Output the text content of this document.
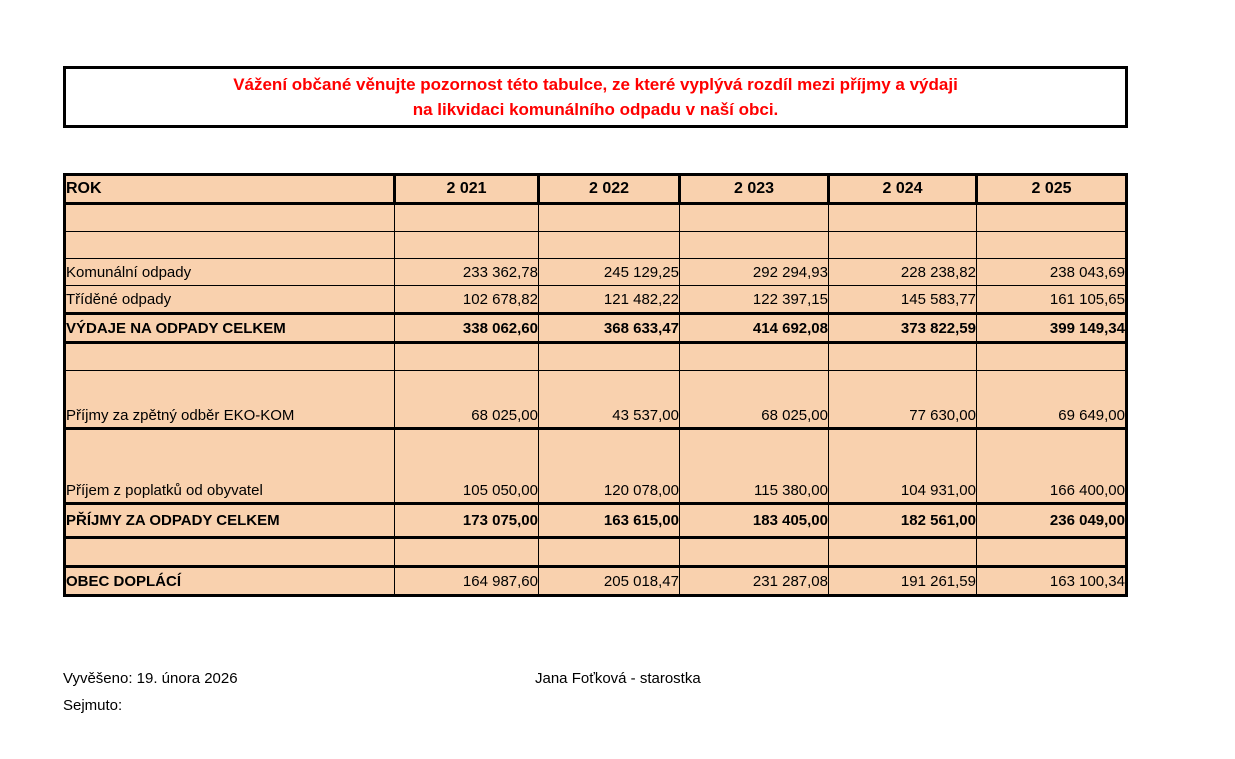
Vážení občané věnujte pozornost této tabulce, ze které vyplývá rozdíl mezi příjmy a výdaji

na likvidaci komunálního odpadu v naší obci.

ROK	2 021	2 022	2 023	2 024	2 025

Komunální odpady	233 362,78	245 129,25	292 294,93	228 238,82	238 043,69
Tříděné odpady	102 678,82	121 482,22	122 397,15	145 583,77	161 105,65
VÝDAJE NA ODPADY CELKEM	338 062,60	368 633,47	414 692,08	373 822,59	399 149,34

Příjmy za zpětný odběr EKO-KOM	68 025,00	43 537,00	68 025,00	77 630,00	69 649,00
Příjem z poplatků od obyvatel	105 050,00	120 078,00	115 380,00	104 931,00	166 400,00
PŘÍJMY ZA ODPADY CELKEM	173 075,00	163 615,00	183 405,00	182 561,00	236 049,00

OBEC DOPLÁCÍ	164 987,60	205 018,47	231 287,08	191 261,59	163 100,34
Vyvěšeno: 19. února 2026
Sejmuto:
Jana Foťková - starostka
